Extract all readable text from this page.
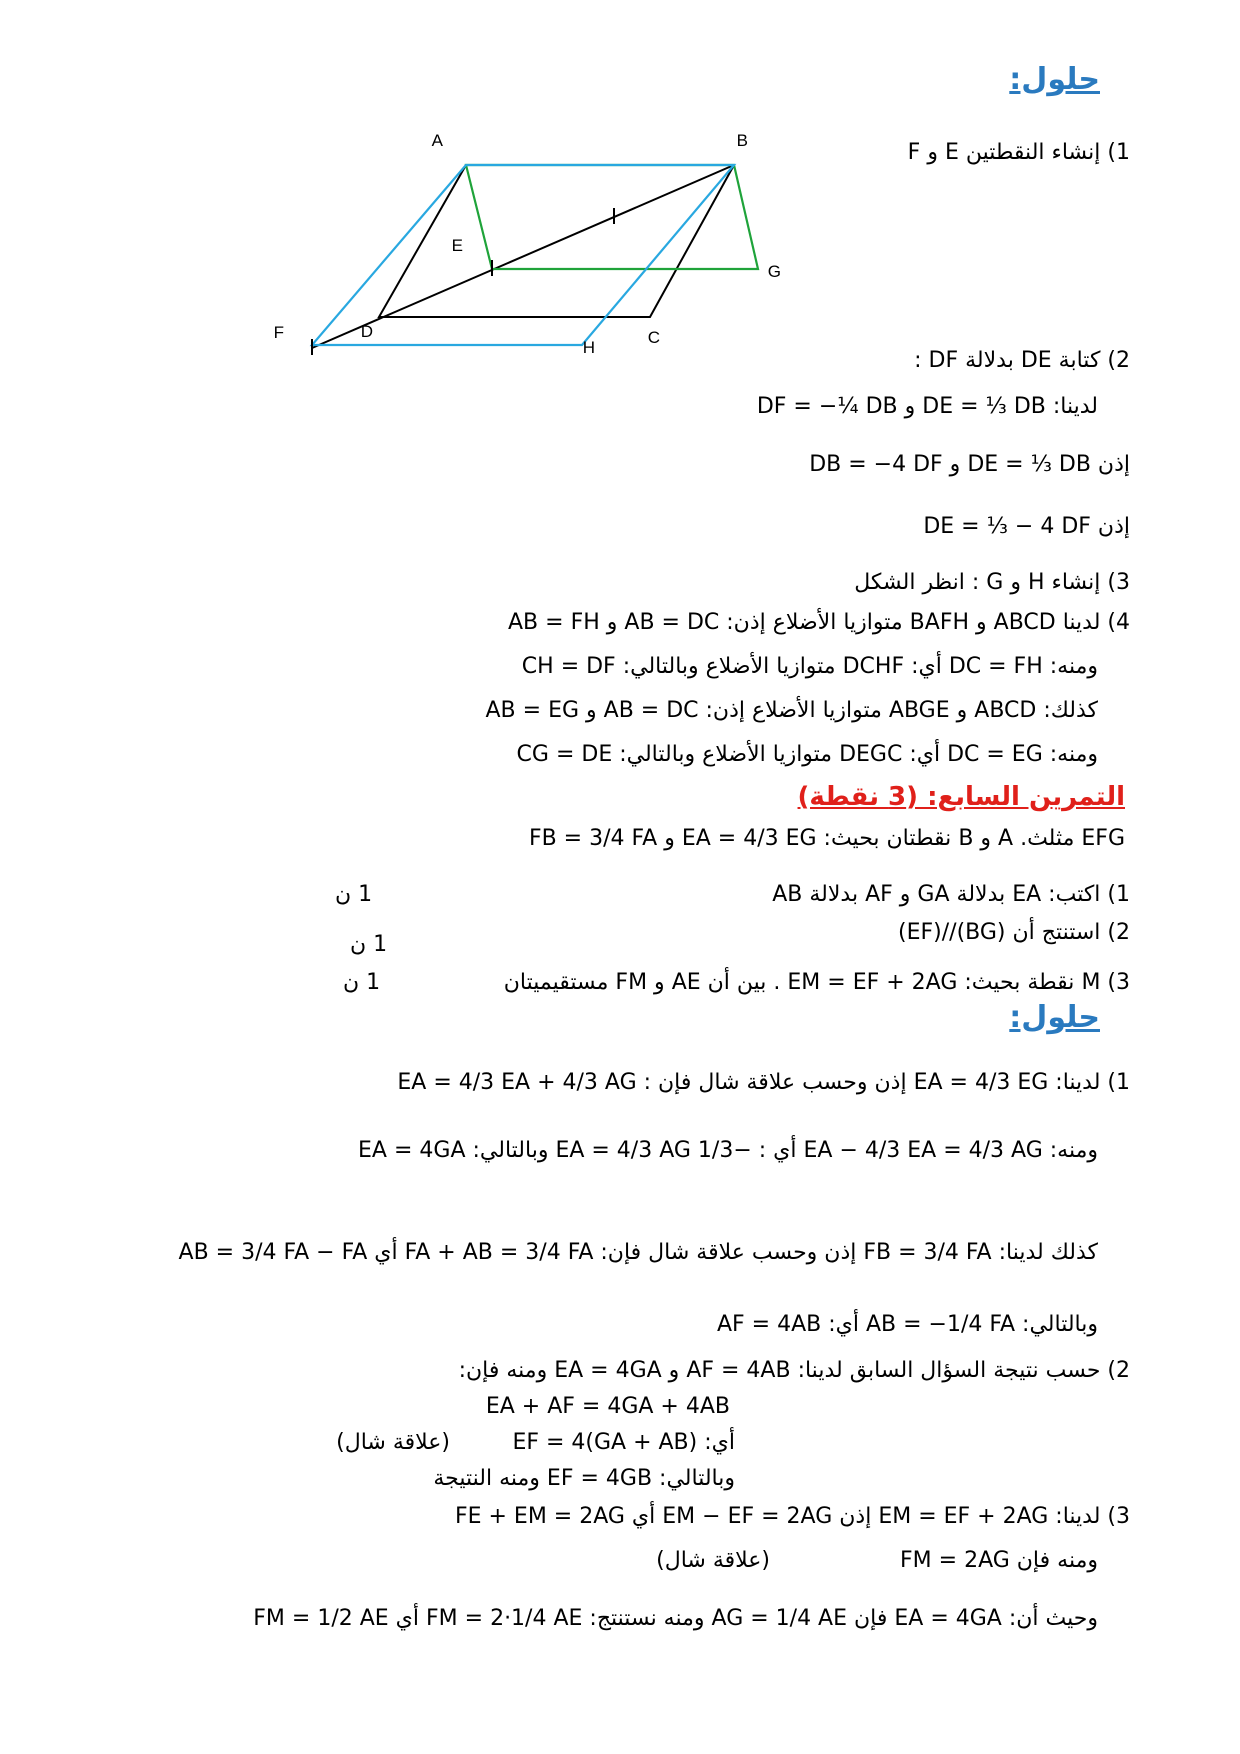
حلول:
A	B
C
D
E
F
G
H
1) إنشاء النقطتين E و F
2) كتابة DE بدلالة DF :
لدينا: DE = ⅓ DB و DF = −¼ DB
إذن DE = ⅓ DB و DB = −4 DF
إذن DE = ⅓ − 4 DF
3) إنشاء H و G : انظر الشكل
4) لدينا ABCD و BAFH متوازيا الأضلاع إذن: AB = DC و AB = FH
ومنه: DC = FH أي: DCHF متوازيا الأضلاع وبالتالي: CH = DF
كذلك: ABCD و ABGE متوازيا الأضلاع إذن: AB = DC و AB = EG
ومنه: DC = EG أي: DEGC متوازيا الأضلاع وبالتالي: CG = DE
التمرين السابع: (3 نقطة)
EFG مثلث. A و B نقطتان بحيث: EA = 4/3 EG و FB = 3/4 FA
1) اكتب: EA بدلالة GA و AF بدلالة AB
1 ن
2) استنتج أن (BG)//(EF)
1 ن
3) M نقطة بحيث: EM = EF + 2AG . بين أن AE و FM مستقيميتان
1 ن
حلول:
1) لدينا: EA = 4/3 EG إذن وحسب علاقة شال فإن : EA = 4/3 EA + 4/3 AG
ومنه: EA − 4/3 EA = 4/3 AG أي : −1/3 EA = 4/3 AG وبالتالي: EA = 4GA
كذلك لدينا: FB = 3/4 FA إذن وحسب علاقة شال فإن: FA + AB = 3/4 FA أي AB = 3/4 FA − FA
وبالتالي: AB = −1/4 FA أي: AF = 4AB
2) حسب نتيجة السؤال السابق لدينا: AF = 4AB و EA = 4GA ومنه فإن:
EA + AF = 4GA + 4AB
أي: EF = 4(GA + AB)
(علاقة شال)
وبالتالي: EF = 4GB ومنه النتيجة
3) لدينا: EM = EF + 2AG إذن EM − EF = 2AG أي FE + EM = 2AG
ومنه فإن FM = 2AG
(علاقة شال)
وحيث أن: EA = 4GA فإن AG = 1/4 AE ومنه نستنتج: FM = 2·1/4 AE أي FM = 1/2 AE
